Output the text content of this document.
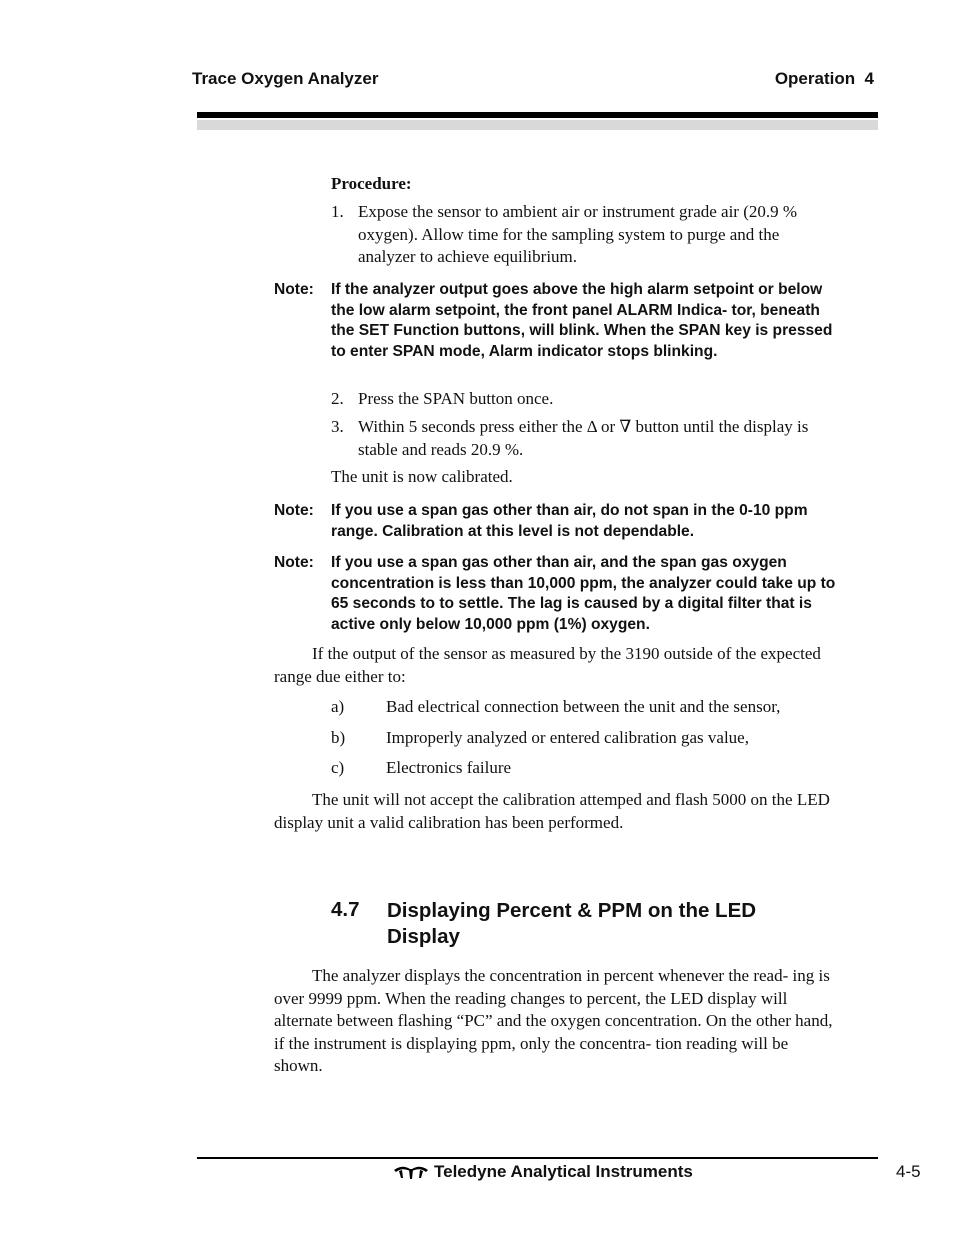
Trace Oxygen Analyzer	Operation  4
Procedure:
1. Expose the sensor to ambient air or instrument grade air (20.9 % oxygen). Allow time for the sampling system to purge and the analyzer to achieve equilibrium.
Note: If the analyzer output goes above the high alarm setpoint or below the low alarm setpoint, the front panel ALARM Indica- tor, beneath the SET Function buttons, will blink. When the SPAN key is pressed to enter SPAN mode, Alarm indicator stops blinking.
2. Press the SPAN button once.
3. Within 5 seconds press either the Δ or ∇ button until the display is stable and reads 20.9 %.
The unit is now calibrated.
Note: If you use a span gas other than air, do not span in the 0-10 ppm range. Calibration at this level is not dependable.
Note: If you use a span gas other than air, and the span gas oxygen concentration is less than 10,000 ppm, the analyzer could take up to 65 seconds to to settle. The lag is caused by a digital filter that is active only below 10,000 ppm (1%) oxygen.
If the output of the sensor as measured by the 3190 outside of the expected range due either to:
a) Bad electrical connection between the unit and the sensor,
b) Improperly analyzed or entered calibration gas value,
c) Electronics failure
The unit will not accept the calibration attemped and flash 5000 on the LED display unit a valid calibration has been performed.
4.7 Displaying Percent & PPM on the LED Display
The analyzer displays the concentration in percent whenever the read- ing is over 9999 ppm. When the reading changes to percent, the LED display will alternate between flashing “PC” and the oxygen concentration. On the other hand, if the instrument is displaying ppm, only the concentra- tion reading will be shown.
Teledyne Analytical Instruments	4-5
